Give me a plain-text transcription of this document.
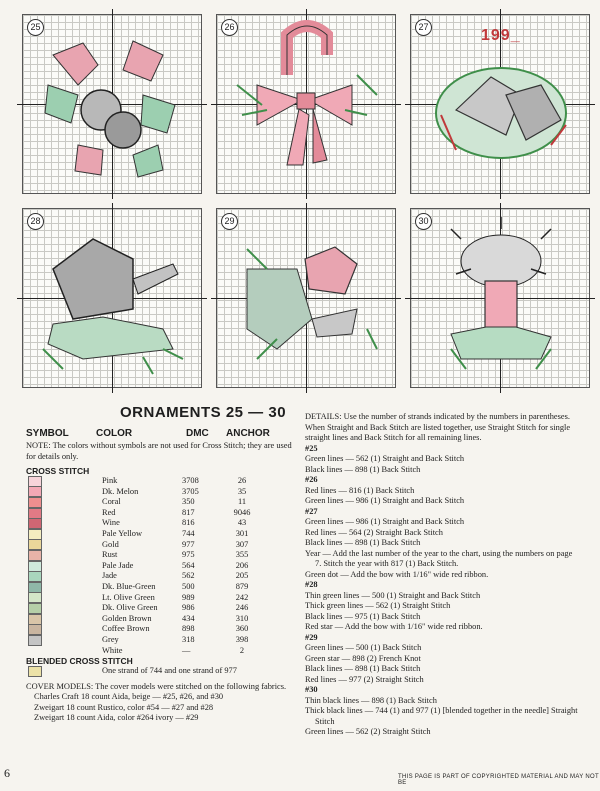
25	26	199_
27
28	29	30
ORNAMENTS 25 — 30
SYMBOL	COLOR	DMC	ANCHOR
NOTE: The colors without symbols are not used for Cross Stitch; they are used for details only.
CROSS STITCH
Pink	3708	26
Dk. Melon	3705	35
Coral	350	11
Red	817	9046
Wine	816	43
Pale Yellow	744	301
Gold	977	307
Rust	975	355
Pale Jade	564	206
Jade	562	205
Dk. Blue-Green	500	879
Lt. Olive Green	989	242
Dk. Olive Green	986	246
Golden Brown	434	310
Coffee Brown	898	360
Grey	318	398
White	—	2
BLENDED CROSS STITCH
One strand of 744 and one strand of 977
COVER MODELS: The cover models were stitched on the following fabrics.
Charles Craft 18 count Aida, beige — #25, #26, and #30
Zweigart 18 count Rustico, color #54 — #27 and #28
Zweigart 18 count Aida, color #264 ivory — #29

DETAILS: Use the number of strands indicated by the numbers in parentheses. When Straight and Back Stitch are listed together, use Straight Stitch for single straight lines and Back Stitch for all remaining lines.

#25

Green lines — 562 (1) Straight and Back Stitch

Black lines — 898 (1) Back Stitch

#26

Red lines — 816 (1) Back Stitch

Green lines — 986 (1) Straight and Back Stitch

#27

Green lines — 986 (1) Straight and Back Stitch

Red lines — 564 (2) Straight Back Stitch

Black lines — 898 (1) Back Stitch

Year — Add the last number of the year to the chart, using the numbers on page 7. Stitch the year with 817 (1) Back Stitch.

Green dot — Add the bow with 1/16" wide red ribbon.

#28

Thin green lines — 500 (1) Straight and Back Stitch

Thick green lines — 562 (1) Straight Stitch

Black lines — 975 (1) Back Stitch

Red star — Add the bow with 1/16" wide red ribbon.

#29

Green lines — 500 (1) Back Stitch

Green star — 898 (2) French Knot

Black lines — 898 (1) Back Stitch

Red lines — 977 (2) Straight Stitch

#30

Thin black lines — 898 (1) Back Stitch

Thick black lines — 744 (1) and 977 (1) [blended together in the needle] Straight Stitch

Green lines — 562 (2) Straight Stitch

6	THIS PAGE IS PART OF COPYRIGHTED MATERIAL AND MAY NOT BE
